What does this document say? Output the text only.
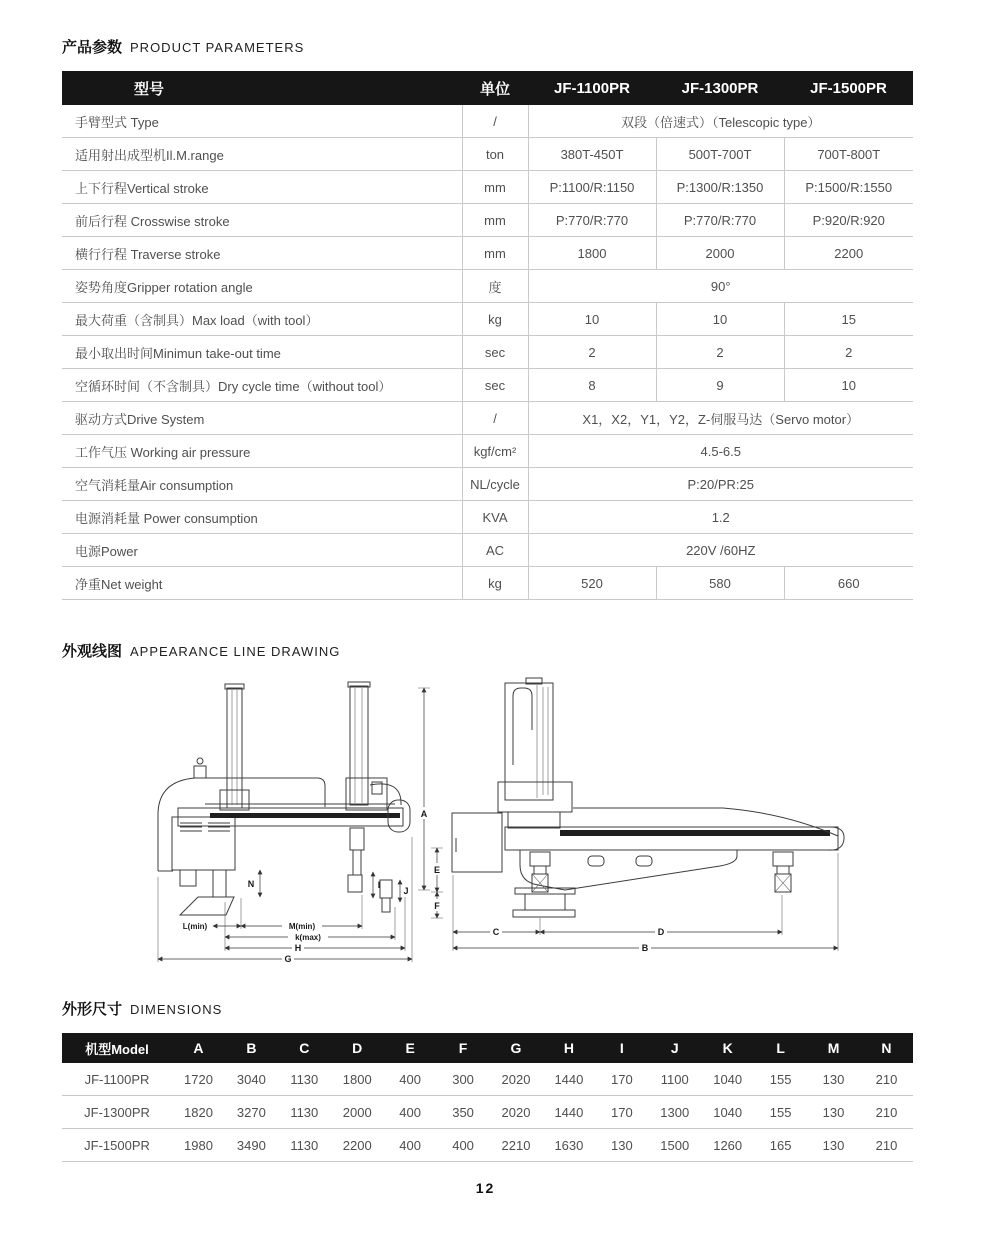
产品参数 PRODUCT PARAMETERS
型号	单位	JF-1100PR	JF-1300PR	JF-1500PR
手臂型式 Type	/	双段（倍速式）（Telescopic type）		
适用射出成型机Il.M.range	ton	380T-450T	500T-700T	700T-800T
上下行程Vertical stroke	mm	P:1100/R:1150	P:1300/R:1350	P:1500/R:1550
前后行程 Crosswise stroke	mm	P:770/R:770	P:770/R:770	P:920/R:920
横行行程 Traverse stroke	mm	1800	2000	2200
姿势角度Gripper rotation angle	度	90°		
最大荷重（含制具）Max load（with tool）	kg	10	10	15
最小取出时间Minimun take-out time	sec	2	2	2
空循环时间（不含制具）Dry cycle time（without tool）	sec	8	9	10
驱动方式Drive System	/	X1，X2，Y1，Y2，Z-伺服马达（Servo motor）		
工作气压 Working air pressure	kgf/cm²	4.5-6.5		
空气消耗量Air consumption	NL/cycle	P:20/PR:25		
电源消耗量 Power consumption	KVA	1.2		
电源Power	AC	220V /60HZ		
净重Net weight	kg	520	580	660
外观线图 APPEARANCE LINE DRAWING
A
N	I
J
L(min)	M(min)
k(max)
H
G
E
F
C	D
B
外形尺寸 DIMENSIONS
机型Model	A	B	C	D	E	F	G	H	I	J	K	L	M	N
JF-1100PR	1720	3040	1130	1800	400	300	2020	1440	170	1100	1040	155	130	210
JF-1300PR	1820	3270	1130	2000	400	350	2020	1440	170	1300	1040	155	130	210
JF-1500PR	1980	3490	1130	2200	400	400	2210	1630	130	1500	1260	165	130	210
12
